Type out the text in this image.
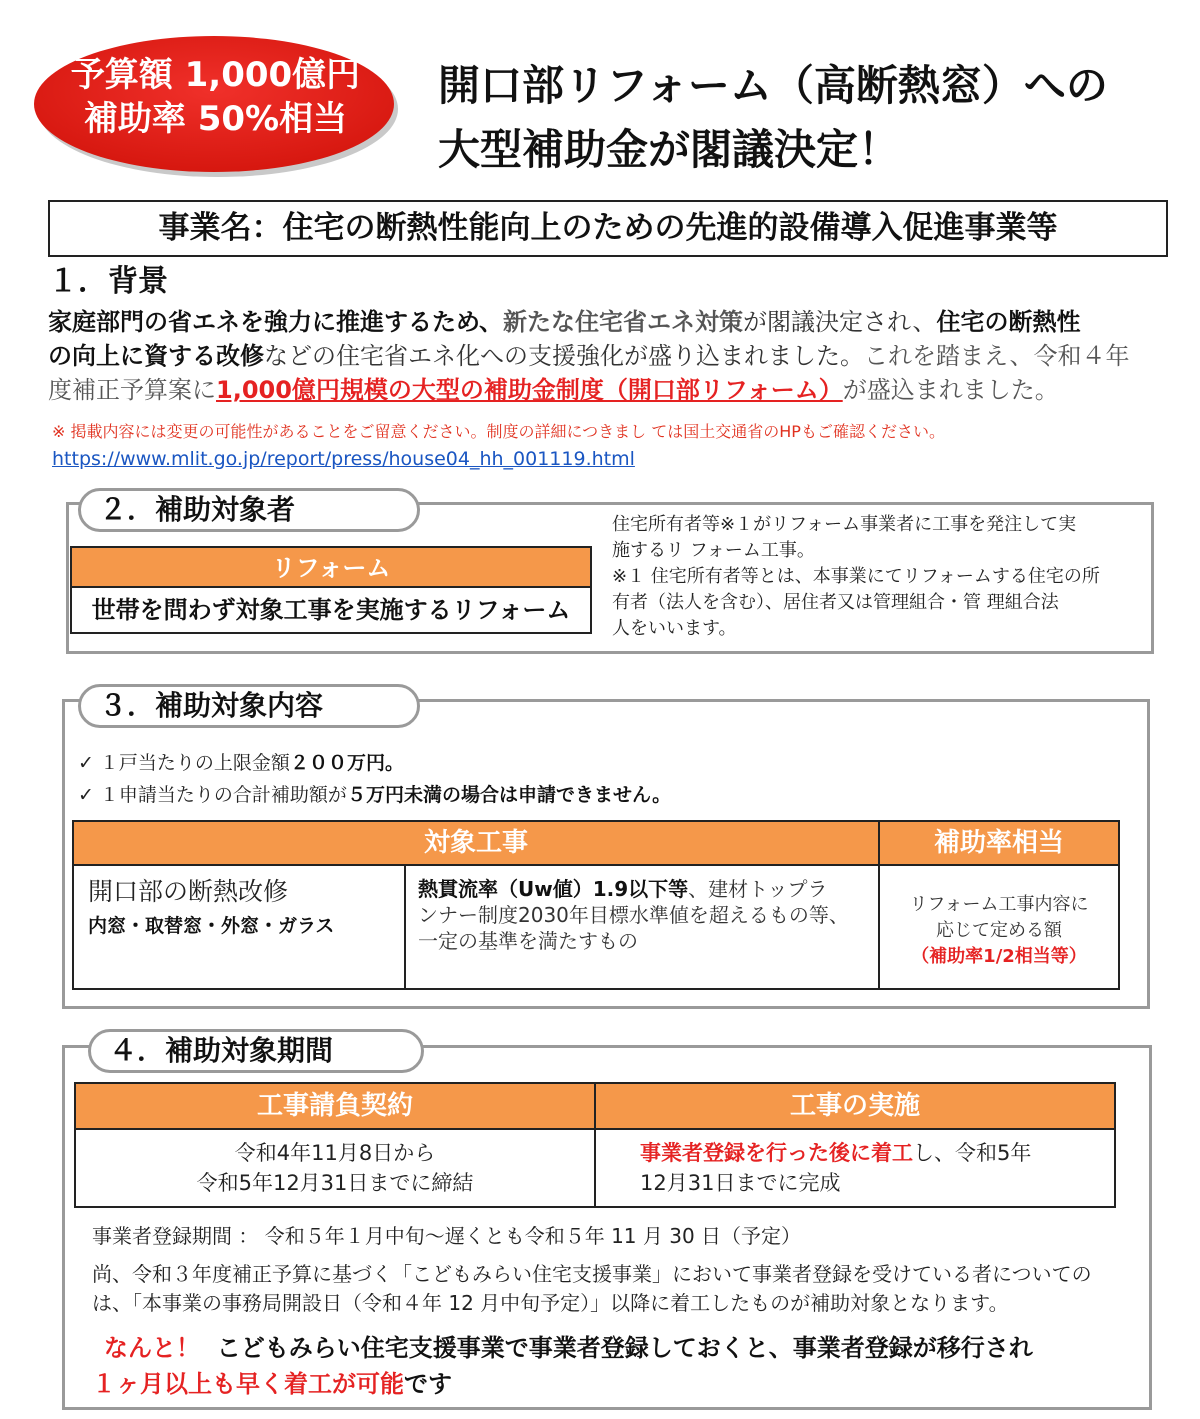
予算額 1,000億円
補助率 50%相当
開口部リフォーム（高断熱窓）への
大型補助金が閣議決定！
事業名：住宅の断熱性能向上のための先進的設備導入促進事業等
１．背景
家庭部門の省エネを強力に推進するため、新たな住宅省エネ対策が閣議決定され、住宅の断熱性
の向上に資する改修などの住宅省エネ化への支援強化が盛り込まれました。これを踏まえ、令和４年
度補正予算案に1,000億円規模の大型の補助金制度（開口部リフォーム）が盛込まれました。
※ 掲載内容には変更の可能性があることをご留意ください。制度の詳細につきまし ては国土交通省のHPもご確認ください。
https://www.mlit.go.jp/report/press/house04_hh_001119.html
２．補助対象者
リフォーム
世帯を問わず対象工事を実施するリフォーム
住宅所有者等※１がリフォーム事業者に工事を発注して実
施するリ フォーム工事。
※１ 住宅所有者等とは、本事業にてリフォームする住宅の所
有者（法人を含む）、居住者又は管理組合・管 理組合法
人をいいます。
３．補助対象内容
✓ １戸当たりの上限金額２００万円。
✓ １申請当たりの合計補助額が５万円未満の場合は申請できません。
対象工事	補助率相当
開口部の断熱改修
内窓・取替窓・外窓・ガラス
熱貫流率（Uw値）1.9以下等、建材トップラ
ンナー制度2030年目標水準値を超えるもの等、
一定の基準を満たすもの
リフォーム工事内容に
応じて定める額
（補助率1/2相当等）
４．補助対象期間
工事請負契約	工事の実施
令和4年11月8日から
令和5年12月31日までに締結
事業者登録を行った後に着工し、令和5年
12月31日までに完成
事業者登録期間 ： 令和５年１月中旬～遅くとも令和５年 11 月 30 日（予定）
尚、令和３年度補正予算に基づく「こどもみらい住宅支援事業」において事業者登録を受けている者についての
は、「本事業の事務局開設日（令和４年 12 月中旬予定）」以降に着工したものが補助対象となります。
なんと！ こどもみらい住宅支援事業で事業者登録しておくと、事業者登録が移行され
１ヶ月以上も早く着工が可能です
